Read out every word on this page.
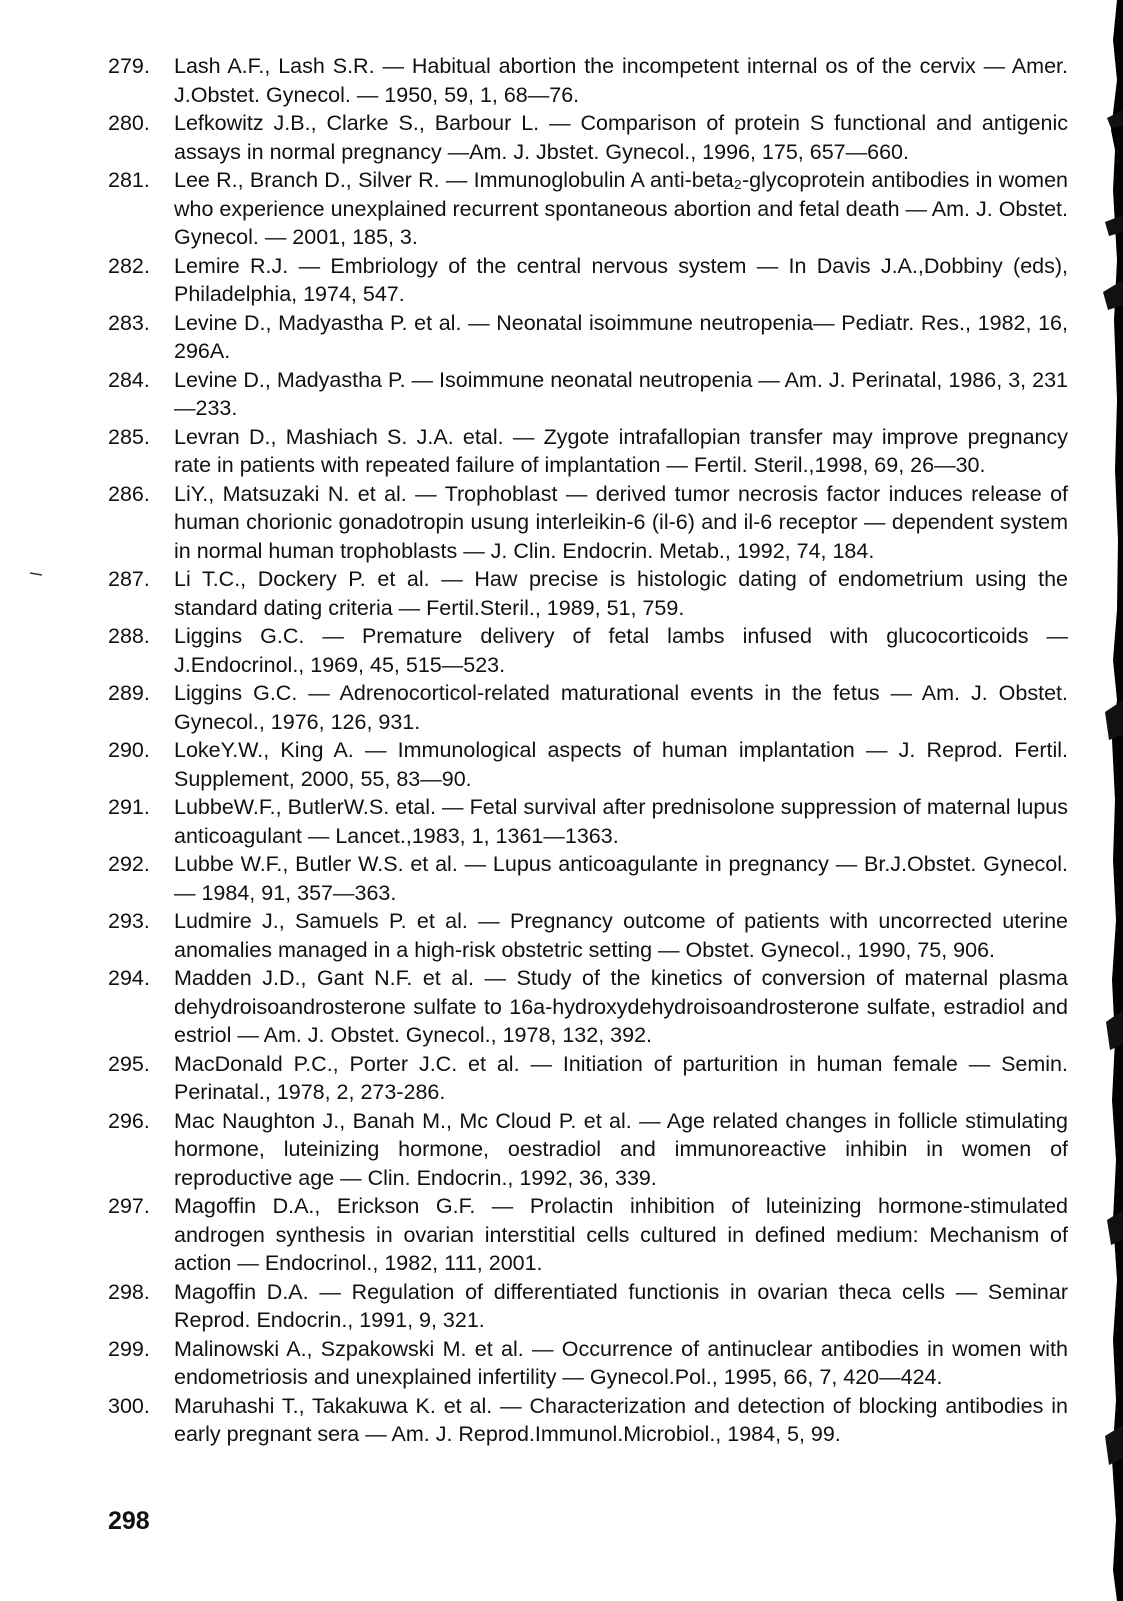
279.	Lash A.F., Lash S.R. — Habitual abortion the incompetent internal os of the cervix — Amer. J.Obstet. Gynecol. — 1950, 59, 1, 68—76.
280.	Lefkowitz J.B., Clarke S., Barbour L. — Comparison of protein S functional and antigenic assays in normal pregnancy —Am. J. Jbstet. Gynecol., 1996, 175, 657—660.
281.	Lee R., Branch D., Silver R. — Immunoglobulin A anti-beta₂-glycoprotein antibodies in women who experience unexplained recurrent spontaneous abortion and fetal death — Am. J. Obstet. Gynecol. — 2001, 185, 3.
282.	Lemire R.J. — Embriology of the central nervous system — In Davis J.A.,Dobbiny (eds), Philadelphia, 1974, 547.
283.	Levine D., Madyastha P. et al. — Neonatal isoimmune neutropenia— Pediatr. Res., 1982, 16, 296A.
284.	Levine D., Madyastha P. — Isoimmune neonatal neutropenia — Am. J. Perinatal, 1986, 3, 231—233.
285.	Levran D., Mashiach S. J.A. etal. — Zygote intrafallopian transfer may improve pregnancy rate in patients with repeated failure of implantation — Fertil. Steril.,1998, 69, 26—30.
286.	LiY., Matsuzaki N. et al. — Trophoblast — derived tumor necrosis factor induces release of human chorionic gonadotropin usung interleikin-6 (il-6) and il-6 receptor — dependent system in normal human trophoblasts — J. Clin. Endocrin. Metab., 1992, 74, 184.
287.	Li T.C., Dockery P. et al. — Haw precise is histologic dating of endometrium using the standard dating criteria — Fertil.Steril., 1989, 51, 759.
288.	Liggins G.C. — Premature delivery of fetal lambs infused with glucocorticoids — J.Endocrinol., 1969, 45, 515—523.
289.	Liggins G.C. — Adrenocorticol-related maturational events in the fetus — Am. J. Obstet. Gynecol., 1976, 126, 931.
290.	LokeY.W., King A. — Immunological aspects of human implantation — J. Reprod. Fertil. Supplement, 2000, 55, 83—90.
291.	LubbeW.F., ButlerW.S. etal. — Fetal survival after prednisolone suppression of maternal lupus anticoagulant — Lancet.,1983, 1, 1361—1363.
292.	Lubbe W.F., Butler W.S. et al. — Lupus anticoagulante in pregnancy — Br.J.Obstet. Gynecol. — 1984, 91, 357—363.
293.	Ludmire J., Samuels P. et al. — Pregnancy outcome of patients with uncorrected uterine anomalies managed in a high-risk obstetric setting — Obstet. Gynecol., 1990, 75, 906.
294.	Madden J.D., Gant N.F. et al. — Study of the kinetics of conversion of maternal plasma dehydroisoandrosterone sulfate to 16a-hydroxydehydroisoandrosterone sulfate, estradiol and estriol — Am. J. Obstet. Gynecol., 1978, 132, 392.
295.	MacDonald P.C., Porter J.C. et al. — Initiation of parturition in human female — Semin. Perinatal., 1978, 2, 273-286.
296.	Mac Naughton J., Banah M., Mc Cloud P. et al. — Age related changes in follicle stimulating hormone, luteinizing hormone, oestradiol and immunoreactive inhibin in women of reproductive age — Clin. Endocrin., 1992, 36, 339.
297.	Magoffin D.A., Erickson G.F. — Prolactin inhibition of luteinizing hormone-stimulated androgen synthesis in ovarian interstitial cells cultured in defined medium: Mechanism of action — Endocrinol., 1982, 111, 2001.
298.	Magoffin D.A. — Regulation of differentiated functionis in ovarian theca cells — Seminar Reprod. Endocrin., 1991, 9, 321.
299.	Malinowski A., Szpakowski M. et al. — Occurrence of antinuclear antibodies in women with endometriosis and unexplained infertility — Gynecol.Pol., 1995, 66, 7, 420—424.
300.	Maruhashi T., Takakuwa K. et al. — Characterization and detection of blocking antibodies in early pregnant sera — Am. J. Reprod.Immunol.Microbiol., 1984, 5, 99.
298
